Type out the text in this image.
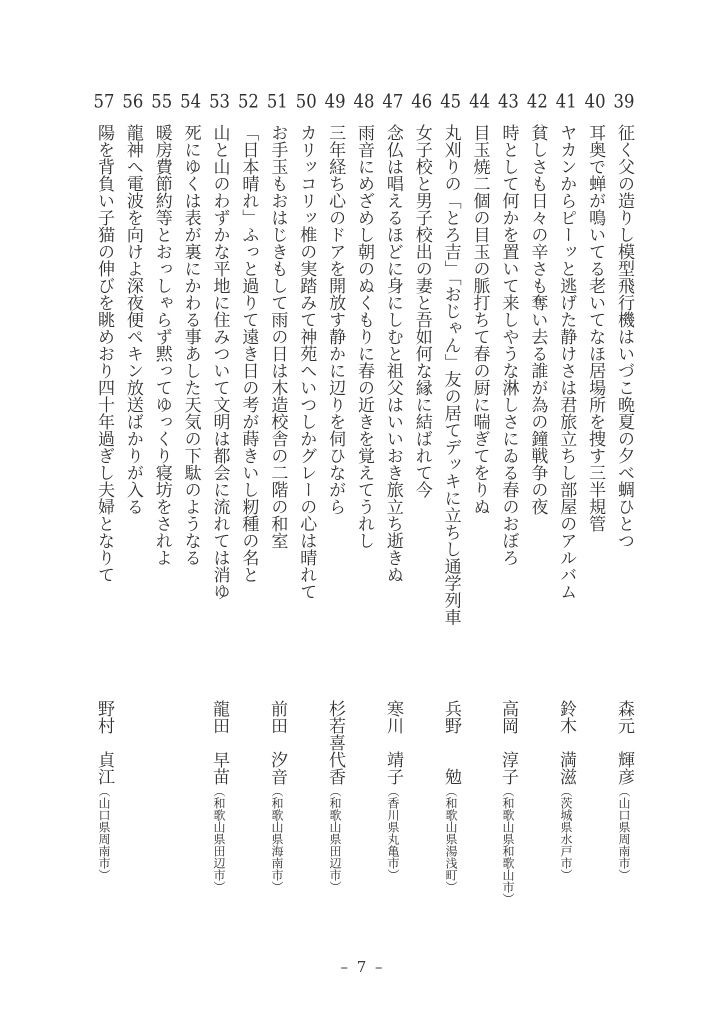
39征く父の造りし模型飛行機はいづこ晩夏の夕べ蜩ひとつ
40耳奥で蝉が鳴いてる老いてなほ居場所を捜す三半規管
41ヤカンからピーッと逃げた静けさは君旅立ちし部屋のアルバム
42貧しさも日々の辛さも奪い去る誰が為の鐘戦争の夜
43時として何かを置いて来しやうな淋しさにゐる春のおぼろ
44目玉焼二個の目玉の脈打ちて春の厨に喘ぎてをりぬ
45丸刈りの「とろ吉」「おじゃん」友の居てデッキに立ちし通学列車
46女子校と男子校出の妻と吾如何な縁に結ばれて今
47念仏は唱えるほどに身にしむと祖父はいいおき旅立ち逝きぬ
48雨音にめざめし朝のぬくもりに春の近きを覚えてうれし
49三年経ち心のドアを開放す静かに辺りを伺ひながら
50カリッコリッ椎の実踏みて神苑へいつしかグレーの心は晴れて
51お手玉もおはじきもして雨の日は木造校舎の二階の和室
52「日本晴れ」ふっと過りて遠き日の考が蒔きいし籾種の名と
53山と山のわずかな平地に住みついて文明は都会に流れては消ゆ
54死にゆくは表が裏にかわる事あした天気の下駄のようなる
55暖房費節約等とおっしゃらず黙ってゆっくり寝坊をされよ
56龍神へ電波を向けよ深夜便ペキン放送ばかりが入る
57陽を背負い子猫の伸びを眺めおり四十年過ぎし夫婦となりて
森元　輝彦（山口県周南市）
鈴木　満滋（茨城県水戸市）
高岡　淳子（和歌山県和歌山市）
兵野　　勉（和歌山県湯浅町）
寒川　靖子（香川県丸亀市）
杉若喜代香（和歌山県田辺市）
前田　汐音（和歌山県海南市）
龍田　早苗（和歌山県田辺市）
野村　貞江（山口県周南市）
– 7 –
